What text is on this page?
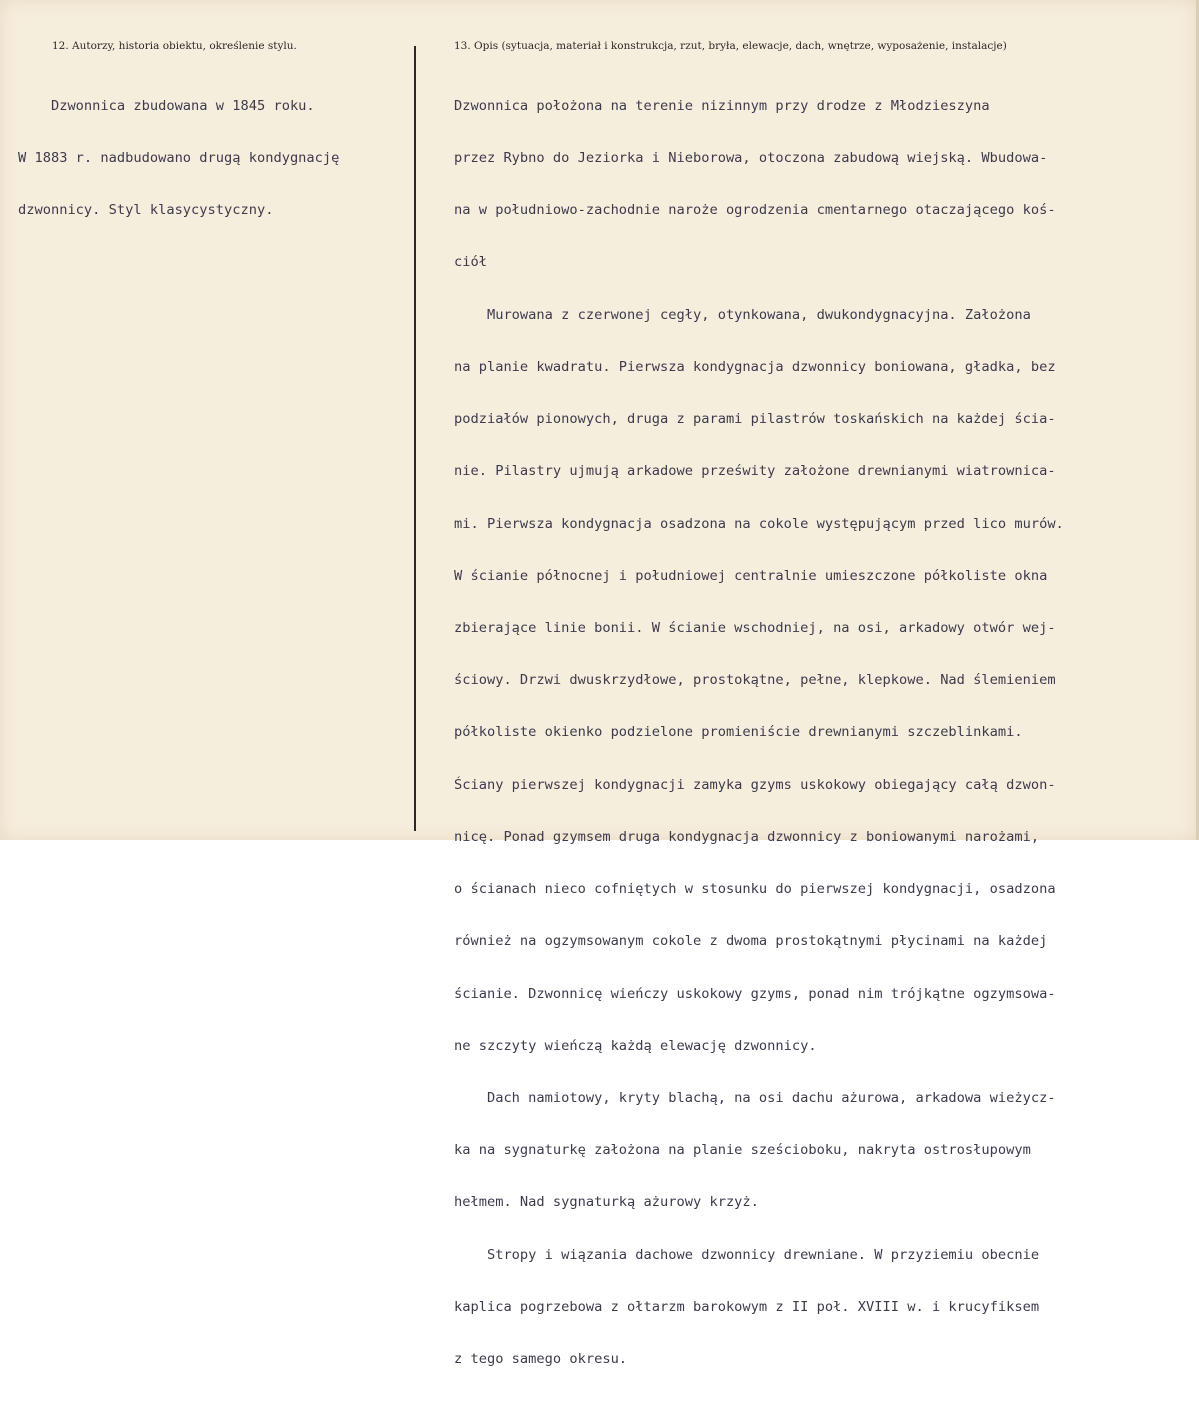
12. Autorzy, historia obiektu, określenie stylu.	13. Opis (sytuacja, materiał i konstrukcja, rzut, bryła, elewacje, dach, wnętrze, wyposażenie, instalacje)

Dzwonnica zbudowana w 1845 roku.

W 1883 r. nadbudowano drugą kondygnację

dzwonnicy. Styl klasycystyczny.

Dzwonnica położona na terenie nizinnym przy drodze z Młodzieszyna

przez Rybno do Jeziorka i Nieborowa, otoczona zabudową wiejską. Wbudowa-

na w południowo-zachodnie naroże ogrodzenia cmentarnego otaczającego koś-

ciół

Murowana z czerwonej cegły, otynkowana, dwukondygnacyjna. Założona

na planie kwadratu. Pierwsza kondygnacja dzwonnicy boniowana, gładka, bez

podziałów pionowych, druga z parami pilastrów toskańskich na każdej ścia-

nie. Pilastry ujmują arkadowe prześwity założone drewnianymi wiatrownica-

mi. Pierwsza kondygnacja osadzona na cokole występującym przed lico murów.

W ścianie północnej i południowej centralnie umieszczone półkoliste okna

zbierające linie bonii. W ścianie wschodniej, na osi, arkadowy otwór wej-

ściowy. Drzwi dwuskrzydłowe, prostokątne, pełne, klepkowe. Nad ślemieniem

półkoliste okienko podzielone promieniście drewnianymi szczeblinkami.

Ściany pierwszej kondygnacji zamyka gzyms uskokowy obiegający całą dzwon-

nicę. Ponad gzymsem druga kondygnacja dzwonnicy z boniowanymi narożami,

o ścianach nieco cofniętych w stosunku do pierwszej kondygnacji, osadzona

również na ogzymsowanym cokole z dwoma prostokątnymi płycinami na każdej

ścianie. Dzwonnicę wieńczy uskokowy gzyms, ponad nim trójkątne ogzymsowa-

ne szczyty wieńczą każdą elewację dzwonnicy.

Dach namiotowy, kryty blachą, na osi dachu ażurowa, arkadowa wieżycz-

ka na sygnaturkę założona na planie sześcioboku, nakryta ostrosłupowym

hełmem. Nad sygnaturką ażurowy krzyż.

Stropy i wiązania dachowe dzwonnicy drewniane. W przyziemiu obecnie

kaplica pogrzebowa z ołtarzm barokowym z II poł. XVIII w. i krucyfiksem

z tego samego okresu.
